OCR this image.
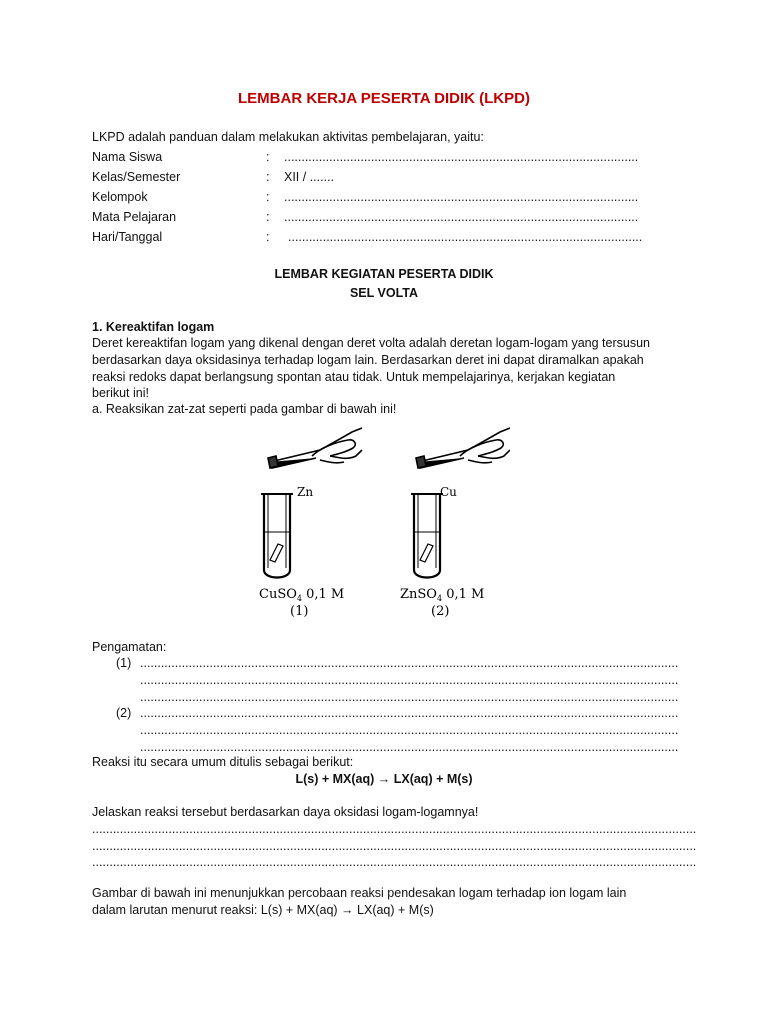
LEMBAR KERJA PESERTA DIDIK (LKPD)
LKPD adalah panduan dalam melakukan aktivitas pembelajaran, yaitu:
Nama Siswa	: ......................................................................................................
Kelas/Semester	: XII / .......
Kelompok	: ......................................................................................................
Mata Pelajaran	: ......................................................................................................
Hari/Tanggal	: ......................................................................................................
LEMBAR KEGIATAN PESERTA DIDIK
SEL VOLTA
1. Kereaktifan logam
Deret kereaktifan logam yang dikenal dengan deret volta adalah deretan logam-logam yang tersusun
berdasarkan daya oksidasinya terhadap logam lain. Berdasarkan deret ini dapat diramalkan apakah
reaksi redoks dapat berlangsung spontan atau tidak. Untuk mempelajarinya, kerjakan kegiatan
berikut ini!
a. Reaksikan zat-zat seperti pada gambar di bawah ini!
Zn	Cu
CuSO$_4$ 0,1 M
(1)
ZnSO$_4$ 0,1 M
(2)
Pengamatan:
(1) ...........................................................................................................................................................
...........................................................................................................................................................
...........................................................................................................................................................
(2) ...........................................................................................................................................................
...........................................................................................................................................................
...........................................................................................................................................................
Reaksi itu secara umum ditulis sebagai berikut:
L(s) + MX(aq) → LX(aq) + M(s)
Jelaskan reaksi tersebut berdasarkan daya oksidasi logam-logamnya!
..............................................................................................................................................................................
..............................................................................................................................................................................
..............................................................................................................................................................................
Gambar di bawah ini menunjukkan percobaan reaksi pendesakan logam terhadap ion logam lain
dalam larutan menurut reaksi: L(s) + MX(aq) → LX(aq) + M(s)
